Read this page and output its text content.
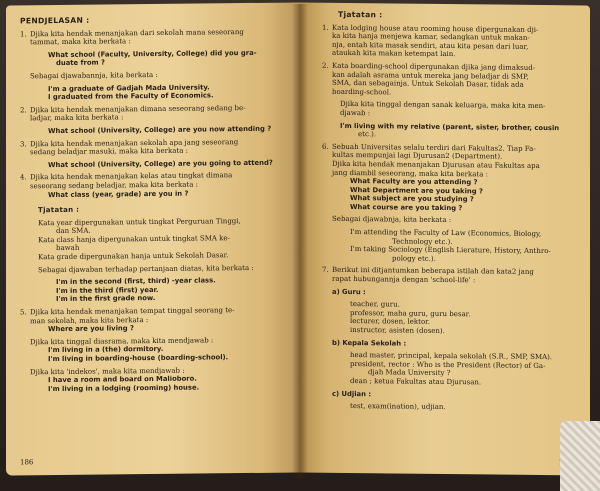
PENDJELASAN :
1. Djika kita hendak menanjakan dari sekolah mana seseorang
tammat, maka kita berkata :
What school (Faculty, University, College) did you gra-
duate from ?
Sebagai djawabannja, kita berkata :
I'm a graduate of Gadjah Mada University.
I graduated from the Faculty of Economics.
2. Djika kita hendak menanjakan dimana seseorang sedang be-
ladjar, maka kita berkata :
What school (University, College) are you now attending ?
3. Djika kita hendak menanjakan sekolah apa jang seseorang
sedang beladjar masuki, maka kita berkata :
What school (University, College) are you going to attend?
4. Djika kita hendak menanjakan kelas atau tingkat dimana
seseorang sedang beladjar, maka kita berkata :
What class (year, grade) are you in ?
Tjatatan :
Kata year dipergunakan untuk tingkat Perguruan Tinggi,
dan SMA.
Kata class hanja dipergunakan untuk tingkat SMA ke-
bawah
Kata grade dipergunakan hanja untuk Sekolah Dasar.
Sebagai djawaban terhadap pertanjaan diatas, kita berkata :
I'm in the second (first, third) -year class.
I'm in the third (first) year.
I'm in the first grade now.
5. Djika kita hendak menanjakan tempat tinggal seorang te-
man sekolah, maka kita berkata :
Where are you living ?
Djika kita tinggal diasrama, maka kita mendjawab :
I'm living in a (the) dormitory.
I'm living in boarding-house (boarding-school).
Djika kita 'indekos', maka kita mendjawab :
I have a room and board on Malioboro.
I'm living in a lodging (rooming) house.
186
Tjatatan :
1. Kata lodging house atau rooming house dipergunakan dji-
ka kita hanja menjewa kamar, sedangkan untuk makan-
nja, entah kita masak sendiri, atau kita pesan dari luar,
ataukah kita makan ketempat lain.
2. Kata boarding-school dipergunakan djika jang dimaksud-
kan adalah asrama untuk mereka jang beladjar di SMP,
SMA, dan sebagainja. Untuk Sekolah Dasar, tidak ada
boarding-school.
Djika kita tinggal dengan sanak keluarga, maka kita men-
djawab :
I'm living with my relative (parent, sister, brother, cousin
etc.).
6. Sebuah Universitas selalu terdiri dari Fakultas2. Tiap Fa-
kultas mempunjai lagi Djurusan2 (Department).
Djika kita hendak menanjakan Djurusan atau Fakultas apa
jang diambil seseorang, maka kita berkata :
What Faculty are you attending ?
What Department are you taking ?
What subject are you studying ?
What course are you taking ?
Sebagai djawabnja, kita berkata :
I'm attending the Faculty of Law (Economics, Biology,
Technology etc.).
I'm taking Sociology (English Lierature, History, Anthro-
pology etc.).
7. Berikut ini ditjantumkan beberapa istilah dan kata2 jang
rapat hubungannja dengan 'school-life' :
a) Guru :
teacher, guru.
professor, maha guru, guru besar.
lecturer, dosen, lektor.
instructor, asisten (dosen).
b) Kepala Sekolah :
head master, principal, kepala sekolah (S.R., SMP, SMA).
president, rector : Who is the President (Rector) of Ga-
djah Mada University ?
dean ; ketua Fakultas atau Djurusan.
c) Udjian :
test, exam(ination), udjian.
